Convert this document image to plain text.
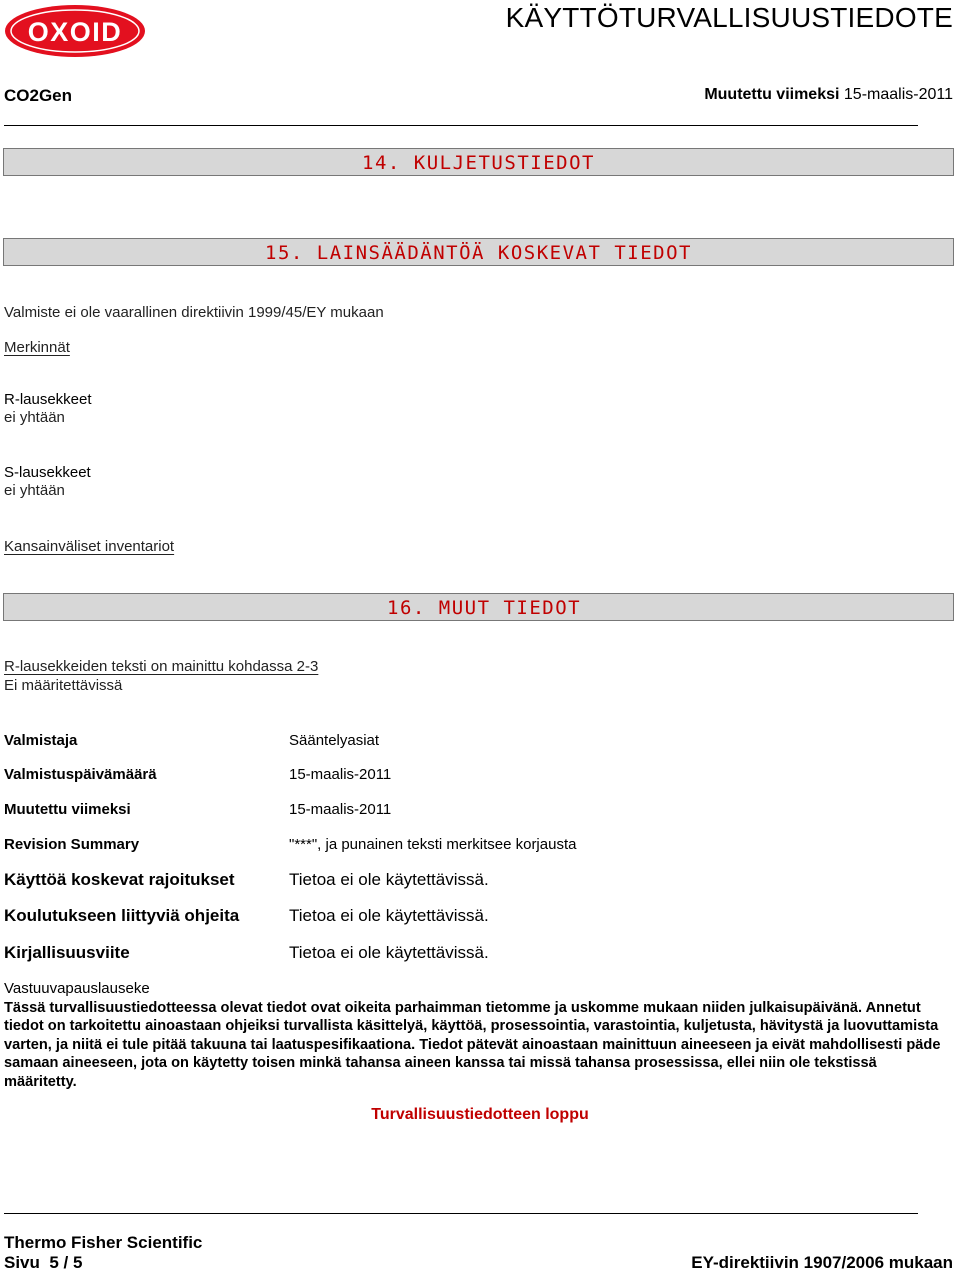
OXOID	KÄYTTÖTURVALLISUUSTIEDOTE
CO2Gen	Muutettu viimeksi 15-maalis-2011
14. KULJETUSTIEDOT
15. LAINSÄÄDÄNTÖÄ KOSKEVAT TIEDOT
Valmiste ei ole vaarallinen direktiivin 1999/45/EY mukaan
Merkinnät
R-lausekkeet
ei yhtään
S-lausekkeet
ei yhtään
Kansainväliset inventariot
16. MUUT TIEDOT
R-lausekkeiden teksti on mainittu kohdassa 2-3
Ei määritettävissä
Valmistaja	Sääntelyasiat
Valmistuspäivämäärä	15-maalis-2011
Muutettu viimeksi	15-maalis-2011
Revision Summary	"***", ja punainen teksti merkitsee korjausta
Käyttöä koskevat rajoitukset	Tietoa ei ole käytettävissä.
Koulutukseen liittyviä ohjeita	Tietoa ei ole käytettävissä.
Kirjallisuusviite	Tietoa ei ole käytettävissä.
Vastuuvapauslauseke
Tässä turvallisuustiedotteessa olevat tiedot ovat oikeita parhaimman tietomme ja uskomme mukaan niiden julkaisupäivänä. Annetut tiedot on tarkoitettu ainoastaan ohjeiksi turvallista käsittelyä, käyttöä, prosessointia, varastointia, kuljetusta, hävitystä ja luovuttamista varten, ja niitä ei tule pitää takuuna tai laatuspesifikaationa. Tiedot pätevät ainoastaan mainittuun aineeseen ja eivät mahdollisesti päde samaan aineeseen, jota on käytetty toisen minkä tahansa aineen kanssa tai missä tahansa prosessissa, ellei niin ole tekstissä määritetty.
Turvallisuustiedotteen loppu
Thermo Fisher Scientific
Sivu  5 / 5	EY-direktiivin 1907/2006 mukaan
